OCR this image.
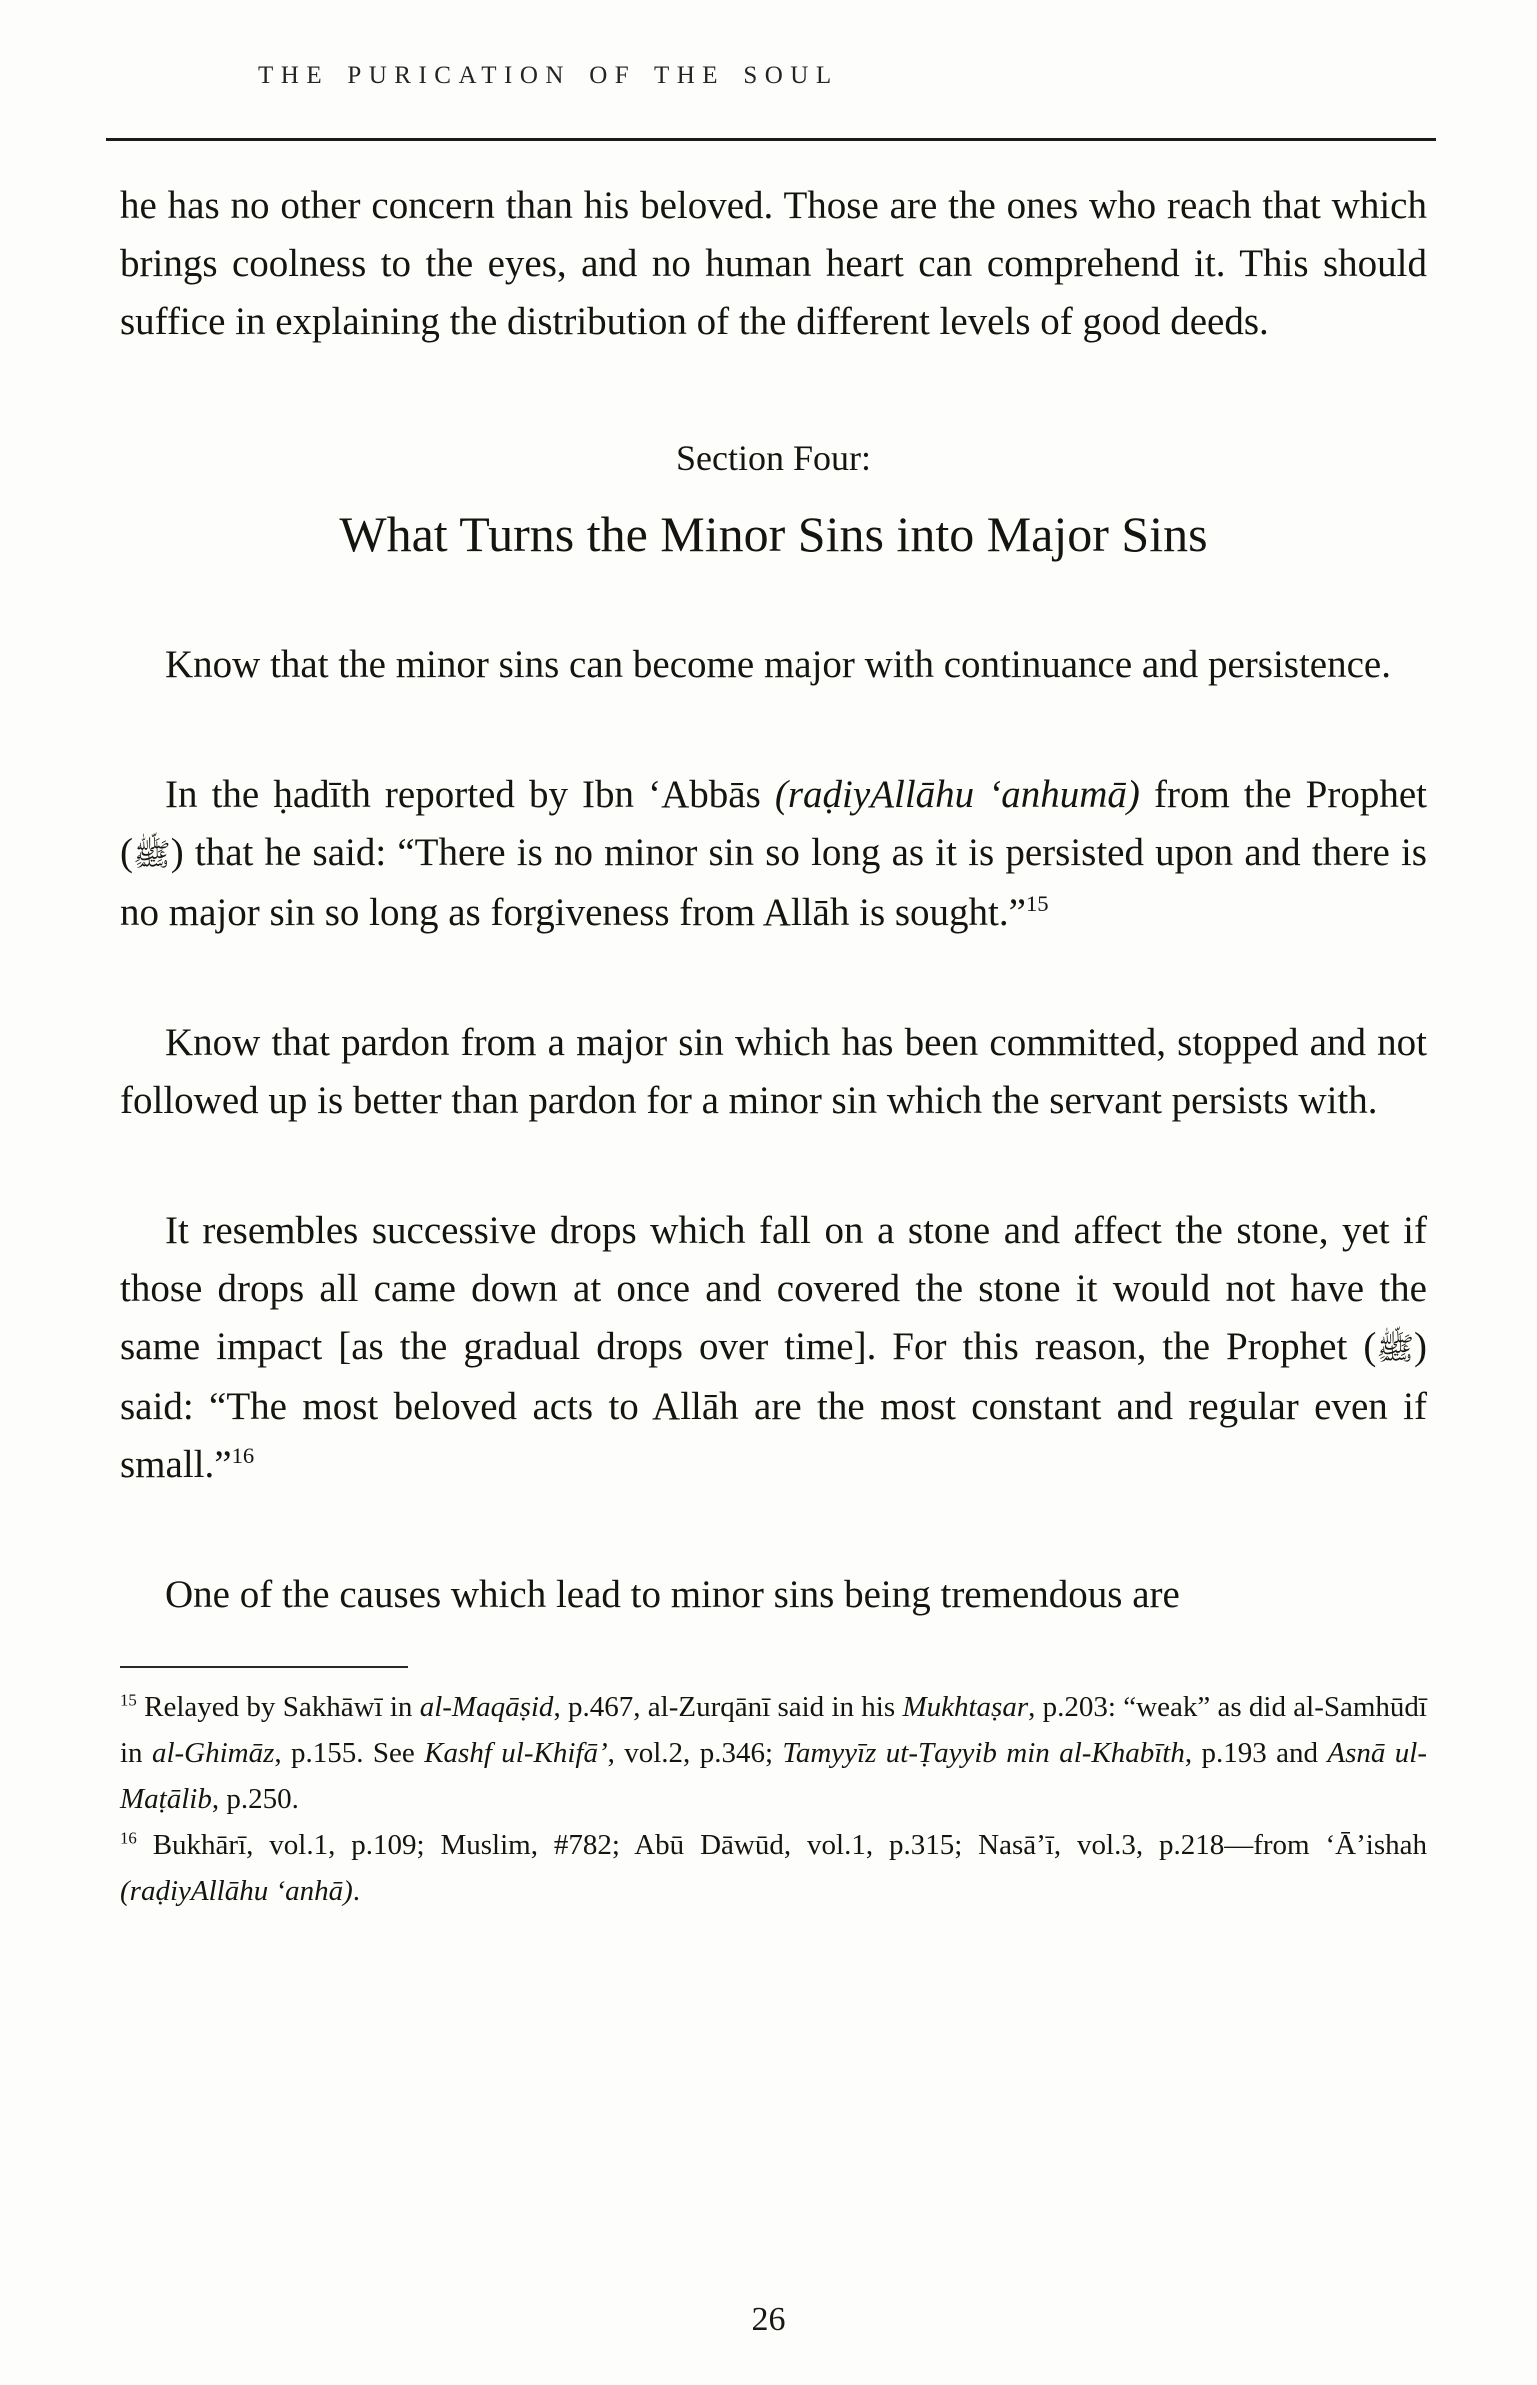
THE PURICATION OF THE SOUL

he has no other concern than his beloved. Those are the ones who reach that which brings coolness to the eyes, and no human heart can comprehend it. This should suffice in explaining the distribution of the different levels of good deeds.

Section Four:
What Turns the Minor Sins into Major Sins

Know that the minor sins can become major with continuance and persistence.

In the ḥadīth reported by Ibn ‘Abbās (raḍiyAllāhu ‘anhumā) from the Prophet (ﷺ) that he said: “There is no minor sin so long as it is persisted upon and there is no major sin so long as forgiveness from Allāh is sought.”$^{15}$

Know that pardon from a major sin which has been committed, stopped and not followed up is better than pardon for a minor sin which the servant persists with.

It resembles successive drops which fall on a stone and affect the stone, yet if those drops all came down at once and covered the stone it would not have the same impact [as the gradual drops over time]. For this reason, the Prophet (ﷺ) said: “The most beloved acts to Allāh are the most constant and regular even if small.”$^{16}$

One of the causes which lead to minor sins being tremendous are

$^{15}$ Relayed by Sakhāwī in al-Maqāṣid, p.467, al-Zurqānī said in his Mukhtaṣar, p.203: “weak” as did al-Samhūdī in al-Ghimāz, p.155. See Kashf ul-Khifā’, vol.2, p.346; Tamyyīz ut-Ṭayyib min al-Khabīth, p.193 and Asnā ul-Maṭālib, p.250.

$^{16}$ Bukhārī, vol.1, p.109; Muslim, #782; Abū Dāwūd, vol.1, p.315; Nasā’ī, vol.3, p.218—from ‘Ā’ishah (raḍiyAllāhu ‘anhā).

26
